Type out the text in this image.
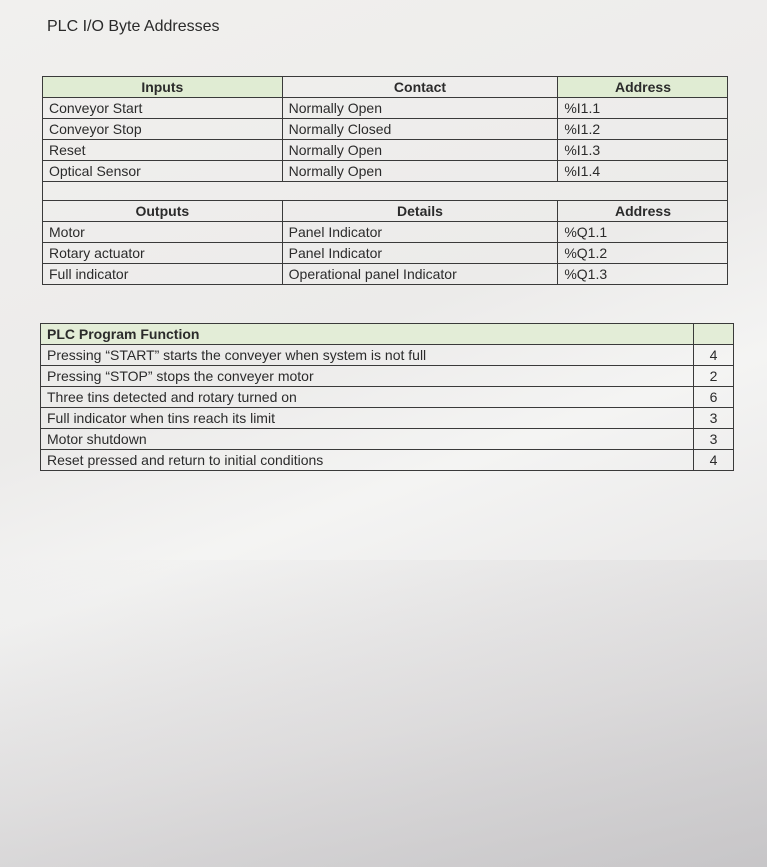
PLC I/O Byte Addresses
Inputs	Contact	Address
Conveyor Start	Normally Open	%I1.1
Conveyor Stop	Normally Closed	%I1.2
Reset	Normally Open	%I1.3
Optical Sensor	Normally Open	%I1.4

Outputs	Details	Address
Motor	Panel Indicator	%Q1.1
Rotary actuator	Panel Indicator	%Q1.2
Full indicator	Operational panel Indicator	%Q1.3
PLC Program Function	
Pressing “START” starts the conveyer when system is not full	4
Pressing “STOP” stops the conveyer motor	2
Three tins detected and rotary turned on	6
Full indicator when tins reach its limit	3
Motor shutdown	3
Reset pressed and return to initial conditions	4
